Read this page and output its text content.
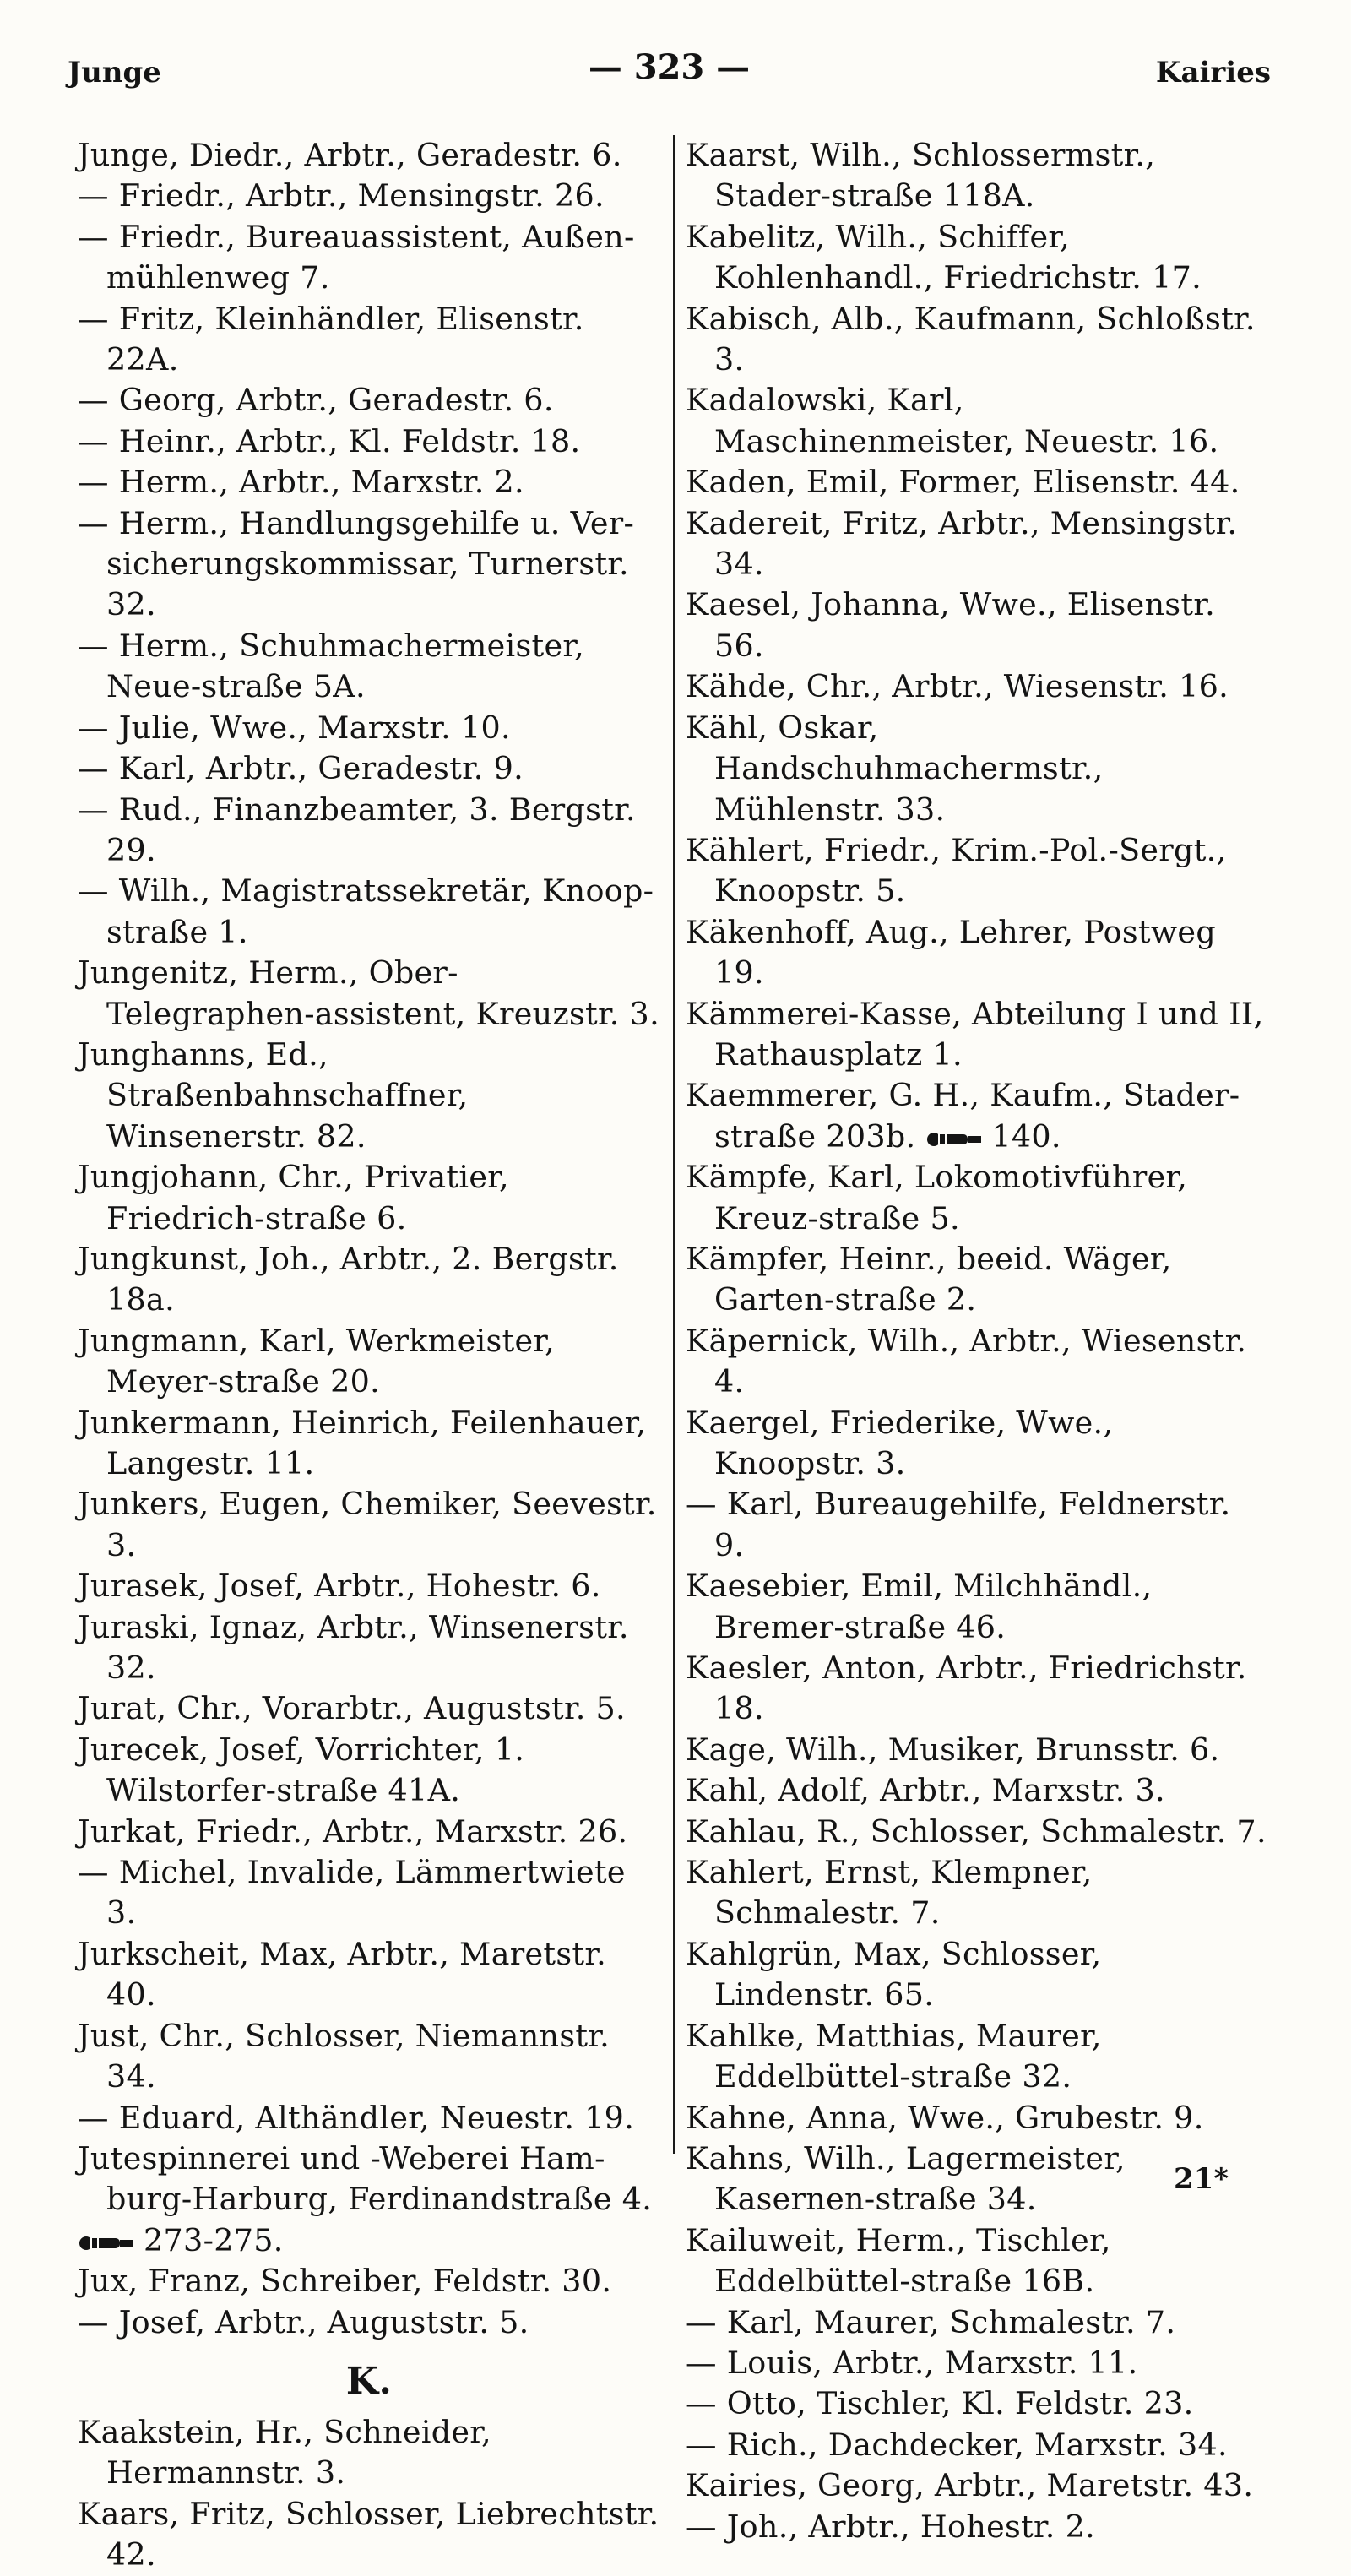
Junge	— 323 —	Kairies

Junge, Diedr., Arbtr., Geradestr. 6.

— Friedr., Arbtr., Mensingstr. 26.

— Friedr., Bureauassistent, Außen-mühlenweg 7.

— Fritz, Kleinhändler, Elisenstr. 22A.

— Georg, Arbtr., Geradestr. 6.

— Heinr., Arbtr., Kl. Feldstr. 18.

— Herm., Arbtr., Marxstr. 2.

— Herm., Handlungsgehilfe u. Ver-sicherungskommissar, Turnerstr. 32.

— Herm., Schuhmachermeister, Neue-straße 5A.

— Julie, Wwe., Marxstr. 10.

— Karl, Arbtr., Geradestr. 9.

— Rud., Finanzbeamter, 3. Bergstr. 29.

— Wilh., Magistratssekretär, Knoop-straße 1.

Jungenitz, Herm., Ober-Telegraphen-assistent, Kreuzstr. 3.

Junghanns, Ed., Straßenbahnschaffner, Winsenerstr. 82.

Jungjohann, Chr., Privatier, Friedrich-straße 6.

Jungkunst, Joh., Arbtr., 2. Bergstr. 18a.

Jungmann, Karl, Werkmeister, Meyer-straße 20.

Junkermann, Heinrich, Feilenhauer, Langestr. 11.

Junkers, Eugen, Chemiker, Seevestr. 3.

Jurasek, Josef, Arbtr., Hohestr. 6.

Juraski, Ignaz, Arbtr., Winsenerstr. 32.

Jurat, Chr., Vorarbtr., Auguststr. 5.

Jurecek, Josef, Vorrichter, 1. Wilstorfer-straße 41A.

Jurkat, Friedr., Arbtr., Marxstr. 26.

— Michel, Invalide, Lämmertwiete 3.

Jurkscheit, Max, Arbtr., Maretstr. 40.

Just, Chr., Schlosser, Niemannstr. 34.

— Eduard, Althändler, Neuestr. 19.

Jutespinnerei und -Weberei Ham-burg-Harburg, Ferdinandstraße 4.

273-275.

Jux, Franz, Schreiber, Feldstr. 30.

— Josef, Arbtr., Auguststr. 5.

K.

Kaakstein, Hr., Schneider, Hermannstr. 3.

Kaars, Fritz, Schlosser, Liebrechtstr. 42.

Kaarst, Wilh., Schlossermstr., Stader-straße 118A.

Kabelitz, Wilh., Schiffer, Kohlenhandl., Friedrichstr. 17.

Kabisch, Alb., Kaufmann, Schloßstr. 3.

Kadalowski, Karl, Maschinenmeister, Neuestr. 16.

Kaden, Emil, Former, Elisenstr. 44.

Kadereit, Fritz, Arbtr., Mensingstr. 34.

Kaesel, Johanna, Wwe., Elisenstr. 56.

Kähde, Chr., Arbtr., Wiesenstr. 16.

Kähl, Oskar, Handschuhmachermstr., Mühlenstr. 33.

Kählert, Friedr., Krim.-Pol.-Sergt., Knoopstr. 5.

Käkenhoff, Aug., Lehrer, Postweg 19.

Kämmerei-Kasse, Abteilung I und II, Rathausplatz 1.

Kaemmerer, G. H., Kaufm., Stader-straße 203b. 140.

Kämpfe, Karl, Lokomotivführer, Kreuz-straße 5.

Kämpfer, Heinr., beeid. Wäger, Garten-straße 2.

Käpernick, Wilh., Arbtr., Wiesenstr. 4.

Kaergel, Friederike, Wwe., Knoopstr. 3.

— Karl, Bureaugehilfe, Feldnerstr. 9.

Kaesebier, Emil, Milchhändl., Bremer-straße 46.

Kaesler, Anton, Arbtr., Friedrichstr. 18.

Kage, Wilh., Musiker, Brunsstr. 6.

Kahl, Adolf, Arbtr., Marxstr. 3.

Kahlau, R., Schlosser, Schmalestr. 7.

Kahlert, Ernst, Klempner, Schmalestr. 7.

Kahlgrün, Max, Schlosser, Lindenstr. 65.

Kahlke, Matthias, Maurer, Eddelbüttel-straße 32.

Kahne, Anna, Wwe., Grubestr. 9.

Kahns, Wilh., Lagermeister, Kasernen-straße 34.

Kailuweit, Herm., Tischler, Eddelbüttel-straße 16B.

— Karl, Maurer, Schmalestr. 7.

— Louis, Arbtr., Marxstr. 11.

— Otto, Tischler, Kl. Feldstr. 23.

— Rich., Dachdecker, Marxstr. 34.

Kairies, Georg, Arbtr., Maretstr. 43.

— Joh., Arbtr., Hohestr. 2.

21*
